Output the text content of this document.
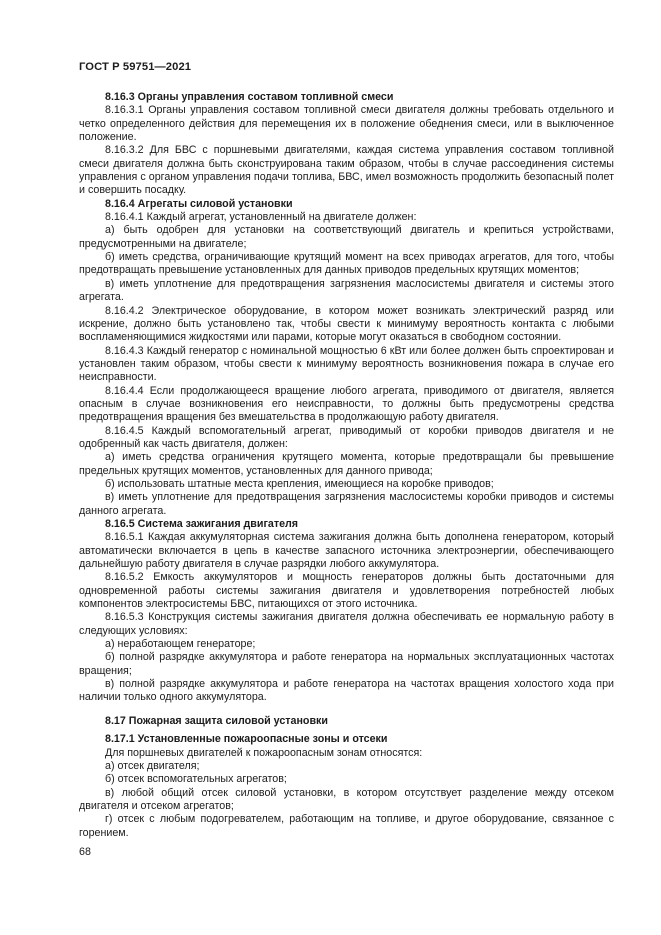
ГОСТ Р 59751—2021

8.16.3 Органы управления составом топливной смеси

8.16.3.1 Органы управления составом топливной смеси двигателя должны требовать отдельного и четко определенного действия для перемещения их в положение обеднения смеси, или в выключенное положение.

8.16.3.2 Для БВС с поршневыми двигателями, каждая система управления составом топливной смеси двигателя должна быть сконструирована таким образом, чтобы в случае рассоединения системы управления с органом управления подачи топлива, БВС, имел возможность продолжить безопасный полет и совершить посадку.

8.16.4 Агрегаты силовой установки

8.16.4.1 Каждый агрегат, установленный на двигателе должен:

а) быть одобрен для установки на соответствующий двигатель и крепиться устройствами, предусмотренными на двигателе;

б) иметь средства, ограничивающие крутящий момент на всех приводах агрегатов, для того, чтобы предотвращать превышение установленных для данных приводов предельных крутящих моментов;

в) иметь уплотнение для предотвращения загрязнения маслосистемы двигателя и системы этого агрегата.

8.16.4.2 Электрическое оборудование, в котором может возникать электрический разряд или искрение, должно быть установлено так, чтобы свести к минимуму вероятность контакта с любыми воспламеняющимися жидкостями или парами, которые могут оказаться в свободном состоянии.

8.16.4.3 Каждый генератор с номинальной мощностью 6 кВт или более должен быть спроектирован и установлен таким образом, чтобы свести к минимуму вероятность возникновения пожара в случае его неисправности.

8.16.4.4 Если продолжающееся вращение любого агрегата, приводимого от двигателя, является опасным в случае возникновения его неисправности, то должны быть предусмотрены средства предотвращения вращения без вмешательства в продолжающую работу двигателя.

8.16.4.5 Каждый вспомогательный агрегат, приводимый от коробки приводов двигателя и не одобренный как часть двигателя, должен:

а) иметь средства ограничения крутящего момента, которые предотвращали бы превышение предельных крутящих моментов, установленных для данного привода;

б) использовать штатные места крепления, имеющиеся на коробке приводов;

в) иметь уплотнение для предотвращения загрязнения маслосистемы коробки приводов и системы данного агрегата.

8.16.5 Система зажигания двигателя

8.16.5.1 Каждая аккумуляторная система зажигания должна быть дополнена генератором, который автоматически включается в цепь в качестве запасного источника электроэнергии, обеспечивающего дальнейшую работу двигателя в случае разрядки любого аккумулятора.

8.16.5.2 Емкость аккумуляторов и мощность генераторов должны быть достаточными для одновременной работы системы зажигания двигателя и удовлетворения потребностей любых компонентов электросистемы БВС, питающихся от этого источника.

8.16.5.3 Конструкция системы зажигания двигателя должна обеспечивать ее нормальную работу в следующих условиях:

а) неработающем генераторе;

б) полной разрядке аккумулятора и работе генератора на нормальных эксплуатационных частотах вращения;

в) полной разрядке аккумулятора и работе генератора на частотах вращения холостого хода при наличии только одного аккумулятора.

8.17 Пожарная защита силовой установки

8.17.1 Установленные пожароопасные зоны и отсеки

Для поршневых двигателей к пожароопасным зонам относятся:

а) отсек двигателя;

б) отсек вспомогательных агрегатов;

в) любой общий отсек силовой установки, в котором отсутствует разделение между отсеком двигателя и отсеком агрегатов;

г) отсек с любым подогревателем, работающим на топливе, и другое оборудование, связанное с горением.

68
